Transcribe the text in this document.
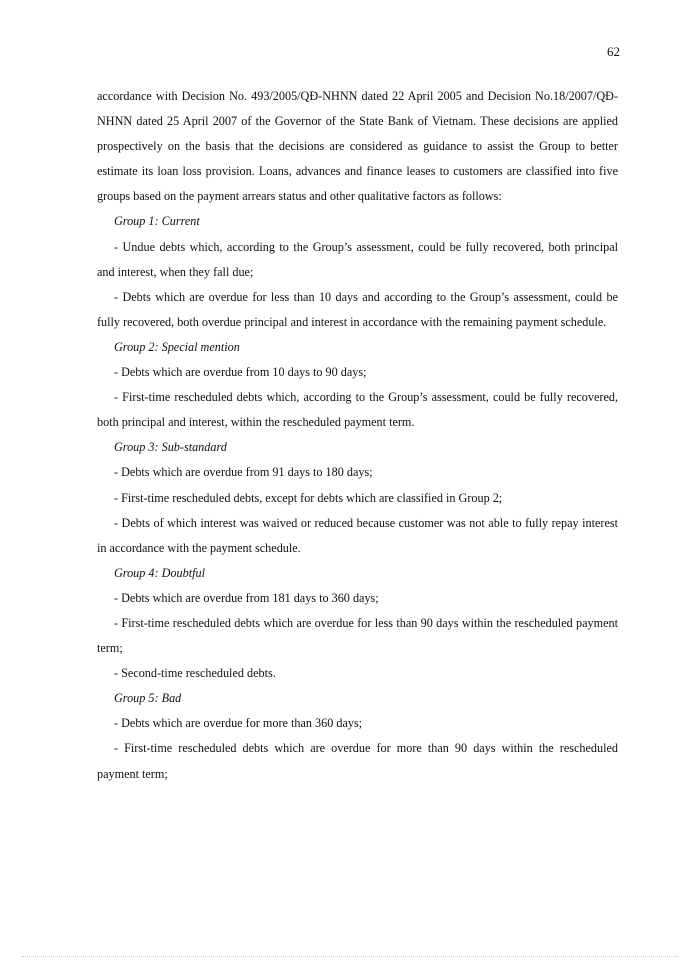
62

accordance with Decision No. 493/2005/QĐ-NHNN dated 22 April 2005 and Decision No.18/2007/QĐ-NHNN dated 25 April 2007 of the Governor of the State Bank of Vietnam. These decisions are applied prospectively on the basis that the decisions are considered as guidance to assist the Group to better estimate its loan loss provision. Loans, advances and finance leases to customers are classified into five groups based on the payment arrears status and other qualitative factors as follows:

Group 1: Current

- Undue debts which, according to the Group’s assessment, could be fully recovered, both principal and interest, when they fall due;

- Debts which are overdue for less than 10 days and according to the Group’s assessment, could be fully recovered, both overdue principal and interest in accordance with the remaining payment schedule.

Group 2: Special mention

- Debts which are overdue from 10 days to 90 days;

- First-time rescheduled debts which, according to the Group’s assessment, could be fully recovered, both principal and interest, within the rescheduled payment term.

Group 3: Sub-standard

- Debts which are overdue from 91 days to 180 days;

- First-time rescheduled debts, except for debts which are classified in Group 2;

- Debts of which interest was waived or reduced because customer was not able to fully repay interest in accordance with the payment schedule.

Group 4: Doubtful

- Debts which are overdue from 181 days to 360 days;

- First-time rescheduled debts which are overdue for less than 90 days within the rescheduled payment term;

- Second-time rescheduled debts.

Group 5: Bad

- Debts which are overdue for more than 360 days;

- First-time rescheduled debts which are overdue for more than 90 days within the rescheduled payment term;
